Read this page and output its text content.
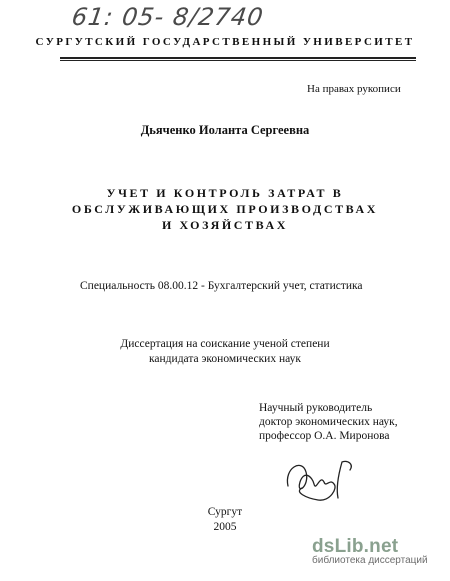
61: 05- 8/2740
СУРГУТСКИЙ ГОСУДАРСТВЕННЫЙ УНИВЕРСИТЕТ
На правах рукописи
Дьяченко Иоланта Сергеевна
УЧЕТ И КОНТРОЛЬ ЗАТРАТ В
ОБСЛУЖИВАЮЩИХ ПРОИЗВОДСТВАХ
И ХОЗЯЙСТВАХ
Специальность 08.00.12 - Бухгалтерский учет, статистика
Диссертация на соискание ученой степени
кандидата экономических наук
Научный руководитель
доктор экономических наук,
профессор О.А. Миронова
Сургут
2005
dsLib.net
библиотека диссертаций
